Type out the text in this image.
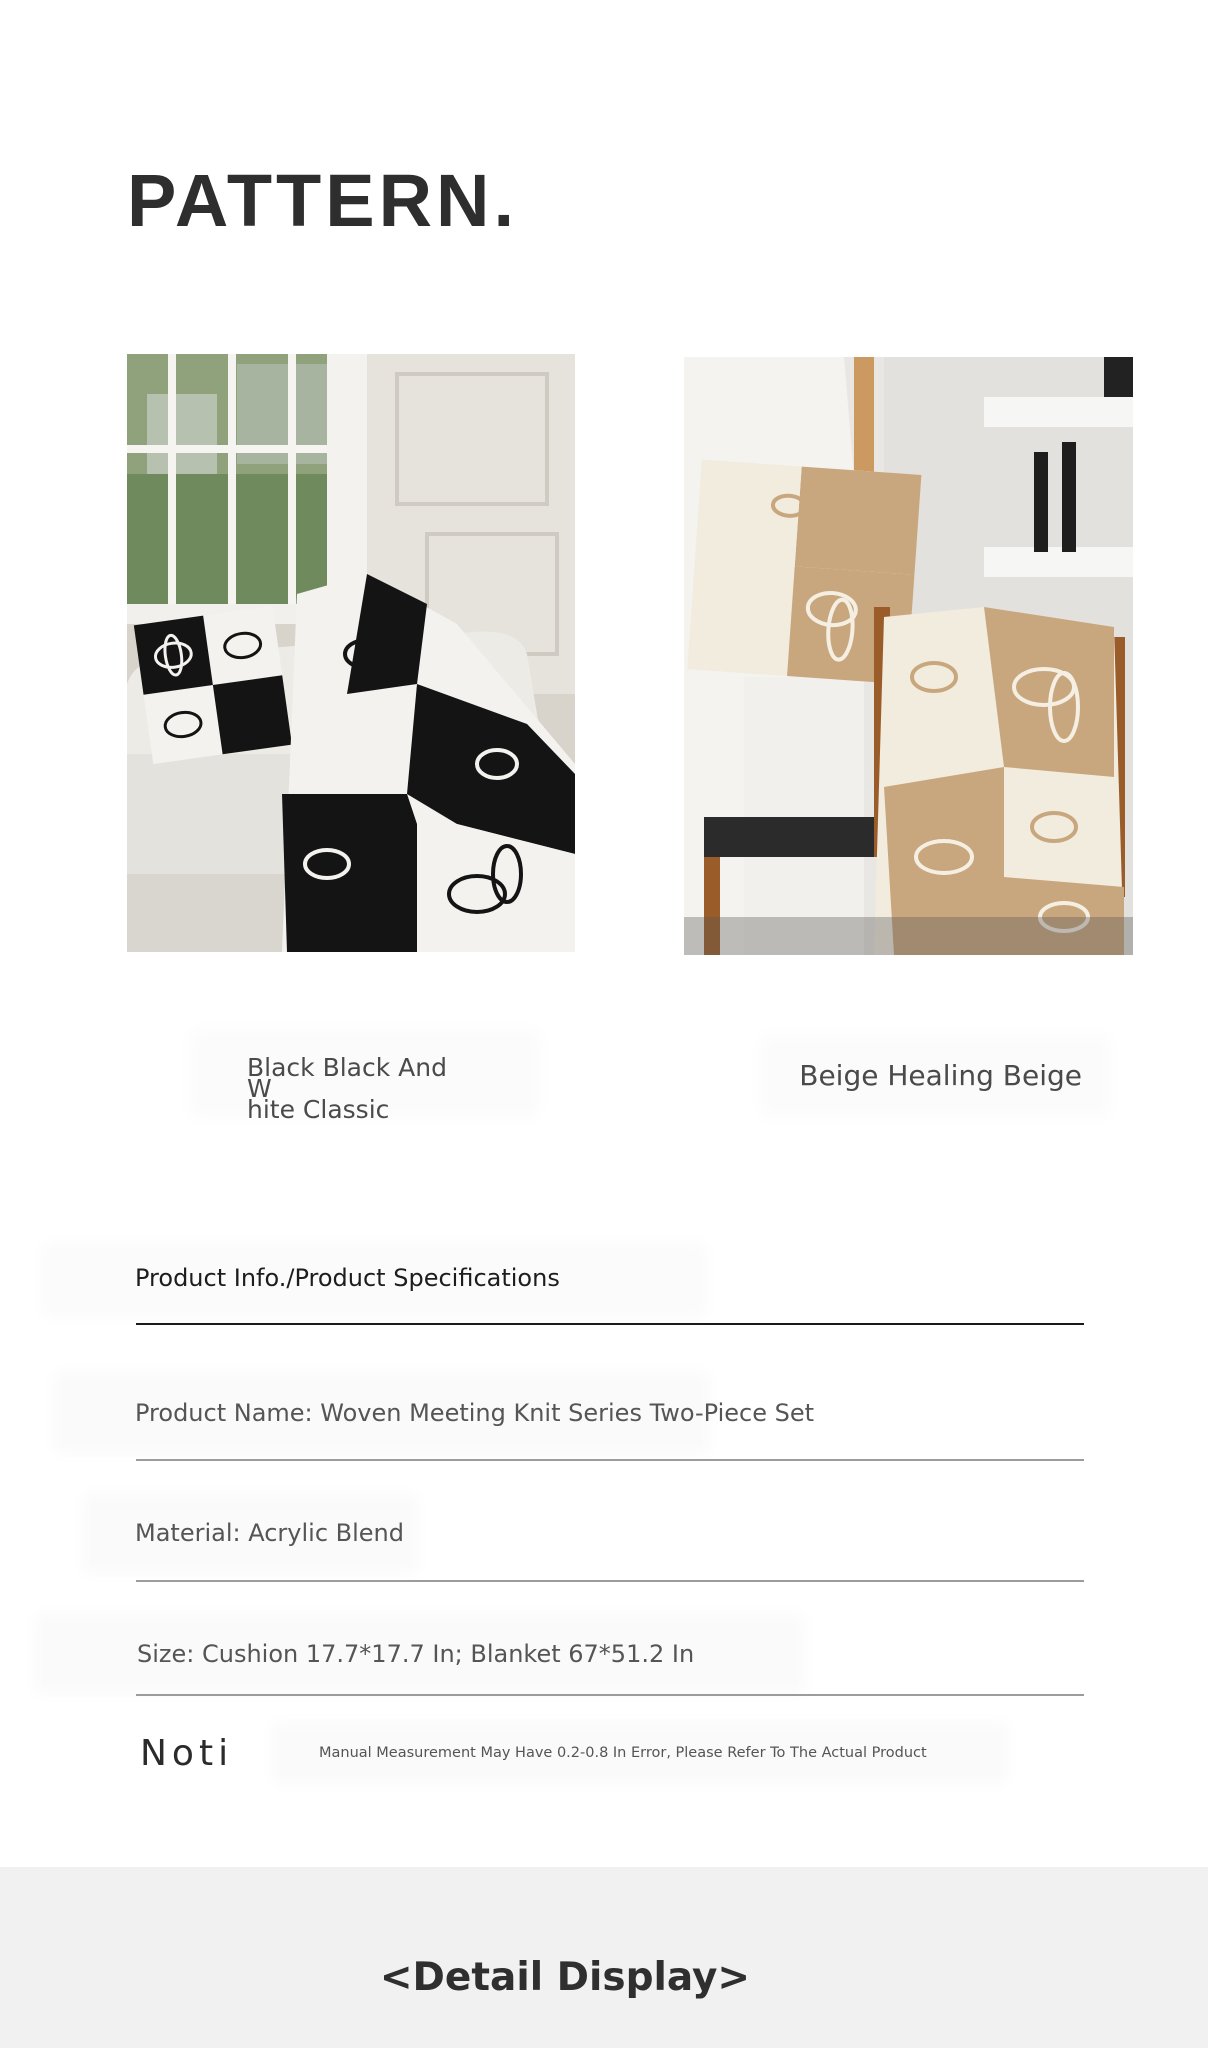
PATTERN.
Black Black And W
hite Classic
Beige Healing Beige
Product Info./Product Specifications
Product Name: Woven Meeting Knit Series Two-Piece Set
Material: Acrylic Blend
Size: Cushion 17.7*17.7 In; Blanket 67*51.2 In
Noti	Manual Measurement May Have 0.2-0.8 In Error, Please Refer To The Actual Product
<Detail Display>
